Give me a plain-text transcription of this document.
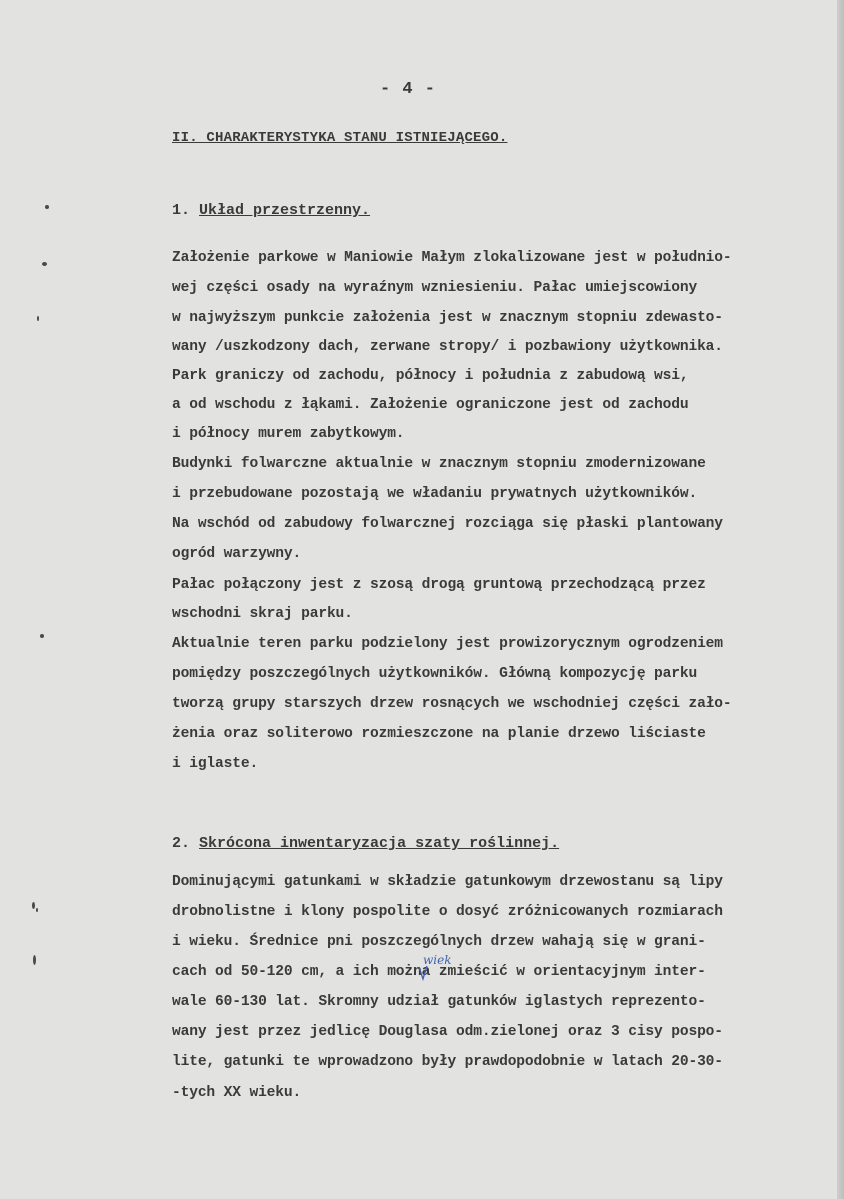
- 4 -
II. CHARAKTERYSTYKA STANU ISTNIEJĄCEGO.
1. Układ przestrzenny.
Założenie parkowe w Maniowie Małym zlokalizowane jest w południo-
wej części osady na wyraźnym wzniesieniu. Pałac umiejscowiony
w najwyższym punkcie założenia jest w znacznym stopniu zdewasto-
wany /uszkodzony dach, zerwane stropy/ i pozbawiony użytkownika.
Park graniczy od zachodu, północy i południa z zabudową wsi,
a od wschodu z łąkami. Założenie ograniczone jest od zachodu
i północy murem zabytkowym.
Budynki folwarczne aktualnie w znacznym stopniu zmodernizowane
i przebudowane pozostają we władaniu prywatnych użytkowników.
Na wschód od zabudowy folwarcznej rozciąga się płaski plantowany
ogród warzywny.
Pałac połączony jest z szosą drogą gruntową przechodzącą przez
wschodni skraj parku.
Aktualnie teren parku podzielony jest prowizorycznym ogrodzeniem
pomiędzy poszczególnych użytkowników. Główną kompozycję parku
tworzą grupy starszych drzew rosnących we wschodniej części zało-
żenia oraz soliterowo rozmieszczone na planie drzewo liściaste
i iglaste.
2. Skrócona inwentaryzacja szaty roślinnej.
Dominującymi gatunkami w składzie gatunkowym drzewostanu są lipy
drobnolistne i klony pospolite o dosyć zróżnicowanych rozmiarach
i wieku. Średnice pni poszczególnych drzew wahają się w grani-
cach od 50-120 cm, a ich można zmieścić w orientacyjnym inter-
wale 60-130 lat. Skromny udział gatunków iglastych reprezento-
wany jest przez jedlicę Douglasa odm.zielonej oraz 3 cisy pospo-
lite, gatunki te wprowadzono były prawdopodobnie w latach 20-30-
-tych XX wieku.
wiek
